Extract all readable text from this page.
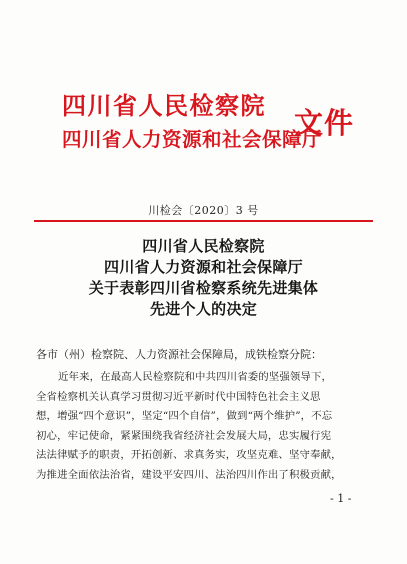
四川省人民检察院
四川省人力资源和社会保障厅
文件
川检会〔2020〕3 号
四川省人民检察院
四川省人力资源和社会保障厅
关于表彰四川省检察系统先进集体
先进个人的决定
各市（州）检察院、人力资源社会保障局，成铁检察分院：
近年来，在最高人民检察院和中共四川省委的坚强领导下，
全省检察机关认真学习贯彻习近平新时代中国特色社会主义思
想，增强“四个意识”，坚定“四个自信”，做到“两个维护”，不忘
初心，牢记使命，紧紧围绕我省经济社会发展大局，忠实履行宪
法法律赋予的职责，开拓创新、求真务实，攻坚克难、坚守奉献，
为推进全面依法治省，建设平安四川、法治四川作出了积极贡献，
- 1 -
